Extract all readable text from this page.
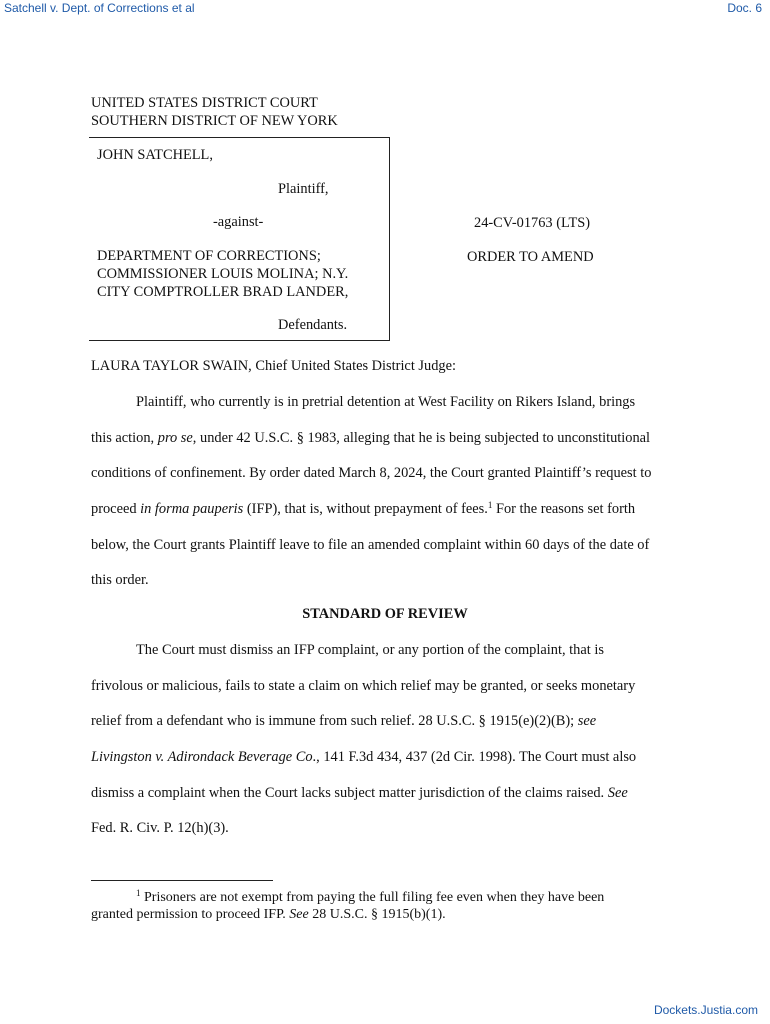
Satchell v. Dept. of Corrections et al	Doc. 6
UNITED STATES DISTRICT COURT
SOUTHERN DISTRICT OF NEW YORK
JOHN SATCHELL,
Plaintiff,
-against-
DEPARTMENT OF CORRECTIONS;
COMMISSIONER LOUIS MOLINA; N.Y.
CITY COMPTROLLER BRAD LANDER,
Defendants.
24-CV-01763 (LTS)
ORDER TO AMEND
LAURA TAYLOR SWAIN, Chief United States District Judge:
Plaintiff, who currently is in pretrial detention at West Facility on Rikers Island, brings
this action, pro se, under 42 U.S.C. § 1983, alleging that he is being subjected to unconstitutional
conditions of confinement. By order dated March 8, 2024, the Court granted Plaintiff’s request to
proceed in forma pauperis (IFP), that is, without prepayment of fees.$^1$ For the reasons set forth
below, the Court grants Plaintiff leave to file an amended complaint within 60 days of the date of
this order.
STANDARD OF REVIEW
The Court must dismiss an IFP complaint, or any portion of the complaint, that is
frivolous or malicious, fails to state a claim on which relief may be granted, or seeks monetary
relief from a defendant who is immune from such relief. 28 U.S.C. § 1915(e)(2)(B); see
Livingston v. Adirondack Beverage Co., 141 F.3d 434, 437 (2d Cir. 1998). The Court must also
dismiss a complaint when the Court lacks subject matter jurisdiction of the claims raised. See
Fed. R. Civ. P. 12(h)(3).
$^1$ Prisoners are not exempt from paying the full filing fee even when they have been
granted permission to proceed IFP. See 28 U.S.C. § 1915(b)(1).
Dockets.Justia.com
